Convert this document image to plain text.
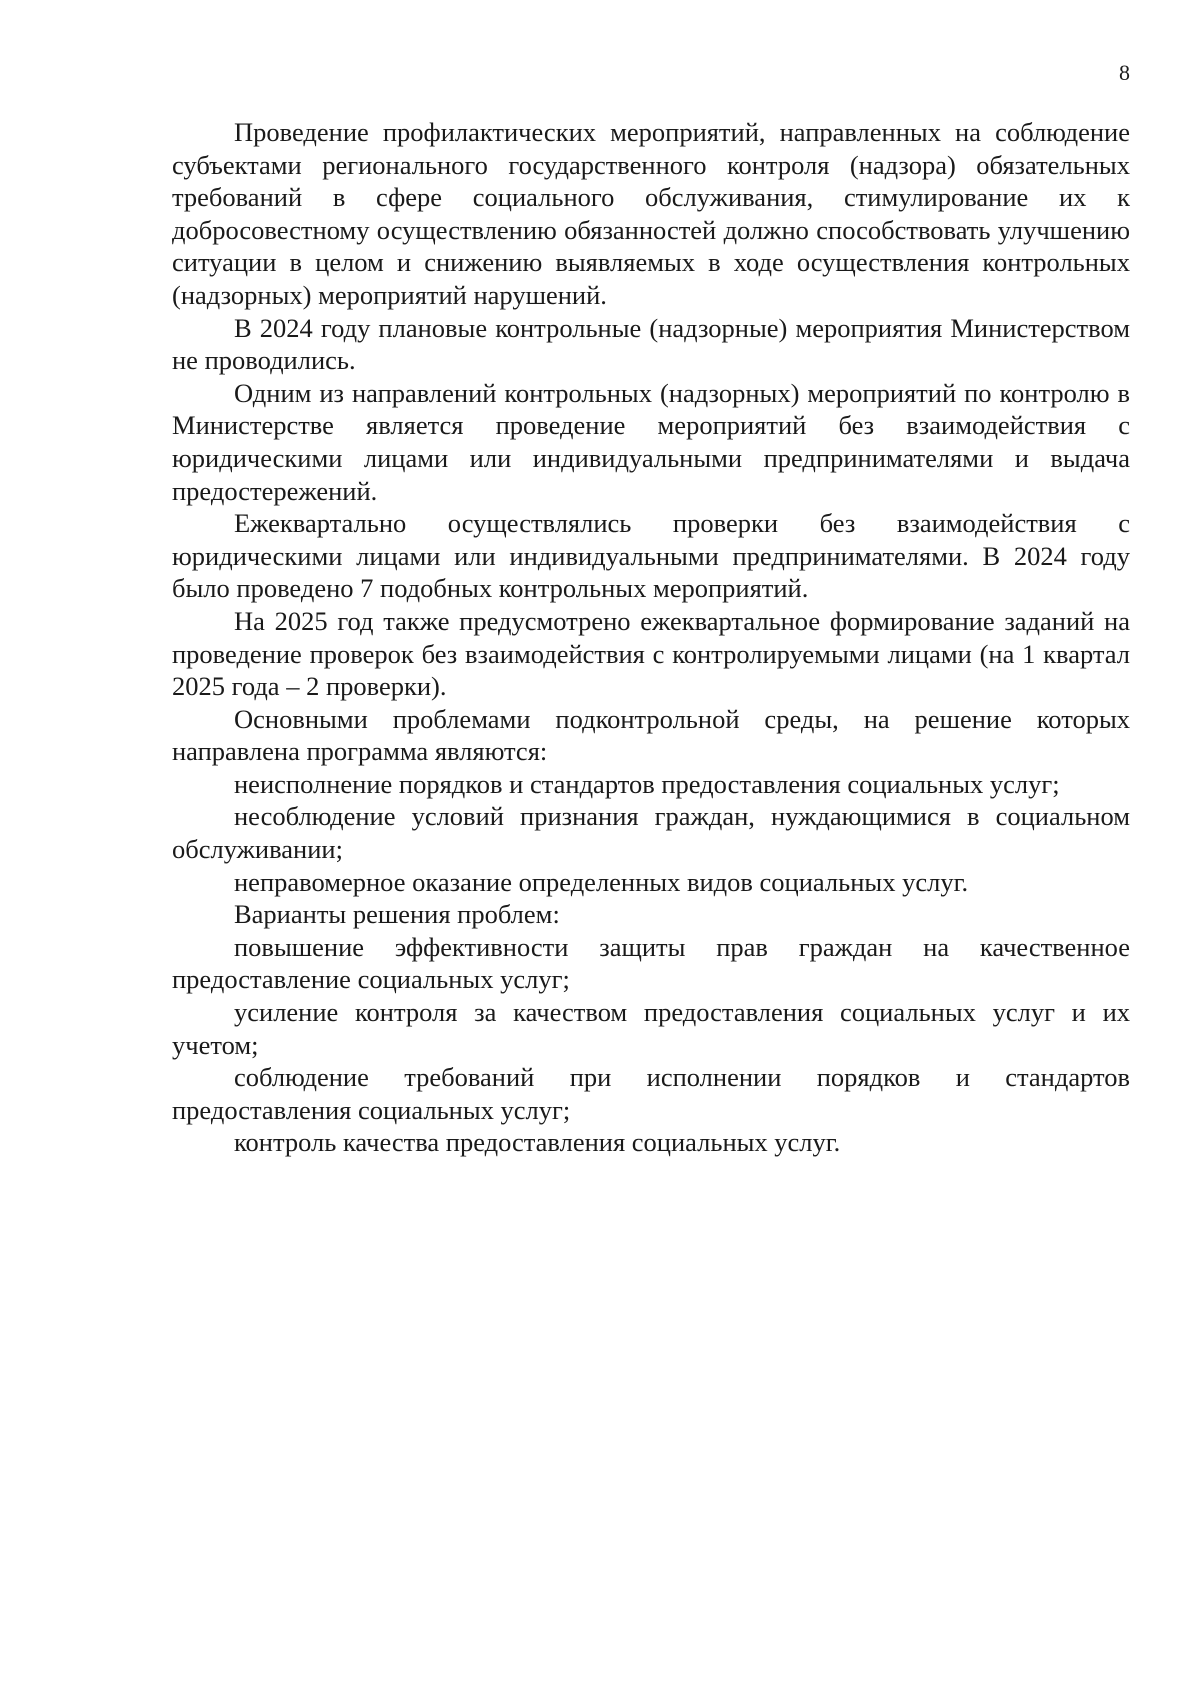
8

Проведение профилактических мероприятий, направленных на соблюдение субъектами регионального государственного контроля (надзора) обязательных требований в сфере социального обслуживания, стимулирование их к добросовестному осуществлению обязанностей должно способствовать улучшению ситуации в целом и снижению выявляемых в ходе осуществления контрольных (надзорных) мероприятий нарушений.

В 2024 году плановые контрольные (надзорные) мероприятия Министерством не проводились.

Одним из направлений контрольных (надзорных) мероприятий по контролю в Министерстве является проведение мероприятий без взаимодействия с юридическими лицами или индивидуальными предпринимателями и выдача предостережений.

Ежеквартально осуществлялись проверки без взаимодействия с юридическими лицами или индивидуальными предпринимателями. В 2024 году было проведено 7 подобных контрольных мероприятий.

На 2025 год также предусмотрено ежеквартальное формирование заданий на проведение проверок без взаимодействия с контролируемыми лицами (на 1 квартал 2025 года – 2 проверки).

Основными проблемами подконтрольной среды, на решение которых направлена программа являются:

неисполнение порядков и стандартов предоставления социальных услуг;

несоблюдение условий признания граждан, нуждающимися в социальном обслуживании;

неправомерное оказание определенных видов социальных услуг.

Варианты решения проблем:

повышение эффективности защиты прав граждан на качественное предоставление социальных услуг;

усиление контроля за качеством предоставления социальных услуг и их учетом;

соблюдение требований при исполнении порядков и стандартов предоставления социальных услуг;

контроль качества предоставления социальных услуг.
